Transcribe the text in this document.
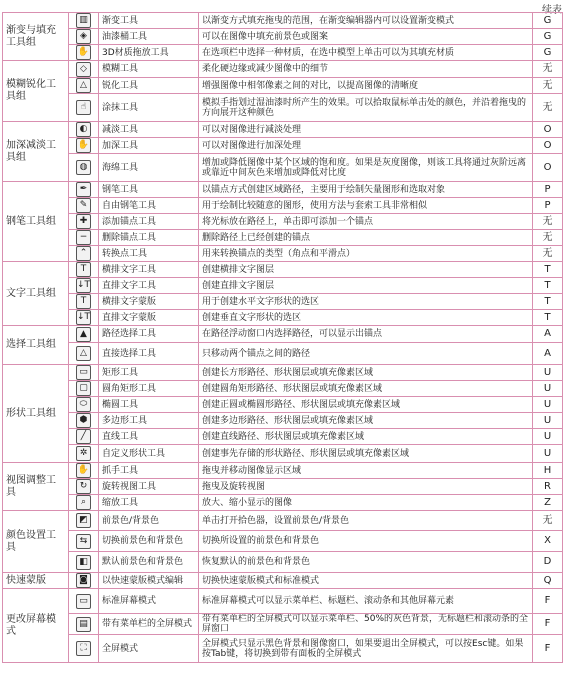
续表
渐变与填充工具组	▥	渐变工具	以渐变方式填充拖曳的范围，在渐变编辑器内可以设置渐变模式	G
	◈	油漆桶工具	可以在图像中填充前景色或图案	G
	✋	3D材质拖放工具	在选项栏中选择一种材质，在选中模型上单击可以为其填充材质	G
模糊锐化工具组	◇	模糊工具	柔化硬边缘或减少图像中的细节	无
	△	锐化工具	增强图像中相邻像素之间的对比，以提高图像的清晰度	无
	☝	涂抹工具	模拟手指划过湿油漆时所产生的效果。可以拾取鼠标单击处的颜色，并沿着拖曳的方向展开这种颜色	无
加深减淡工具组	◐	减淡工具	可以对图像进行减淡处理	O
	✋	加深工具	可以对图像进行加深处理	O
	◍	海绵工具	增加或降低图像中某个区域的饱和度。如果是灰度图像，则该工具将通过灰阶远离或靠近中间灰色来增加或降低对比度	O
钢笔工具组	✒	钢笔工具	以锚点方式创建区域路径，主要用于绘制矢量图形和选取对象	P
	✎	自由钢笔工具	用于绘制比较随意的图形，使用方法与套索工具非常相似	P
	✚	添加锚点工具	将光标放在路径上，单击即可添加一个锚点	无
	−	删除锚点工具	删除路径上已经创建的锚点	无
	⌃	转换点工具	用来转换锚点的类型（角点和平滑点）	无
文字工具组	T	横排文字工具	创建横排文字图层	T
	↓T	直排文字工具	创建直排文字图层	T
	T	横排文字蒙版	用于创建水平文字形状的选区	T
	↓T	直排文字蒙版	创建垂直文字形状的选区	T
选择工具组	▲	路径选择工具	在路径浮动窗口内选择路径，可以显示出锚点	A
	△	直接选择工具	只移动两个锚点之间的路径	A
形状工具组	▭	矩形工具	创建长方形路径、形状图层或填充像素区域	U
	▢	圆角矩形工具	创建圆角矩形路径、形状图层或填充像素区域	U
	⬭	椭圆工具	创建正圆或椭圆形路径、形状图层或填充像素区域	U
	⬢	多边形工具	创建多边形路径、形状图层或填充像素区域	U
	╱	直线工具	创建直线路径、形状图层或填充像素区域	U
	✲	自定义形状工具	创建事先存储的形状路径、形状图层或填充像素区域	U
视图调整工具	✋	抓手工具	拖曳并移动图像显示区域	H
	↻	旋转视图工具	拖曳及旋转视图	R
	⌕	缩放工具	放大、缩小显示的图像	Z
颜色设置工具	◩	前景色/背景色	单击打开拾色器，设置前景色/背景色	无
	⇆	切换前景色和背景色	切换所设置的前景色和背景色	X
	◧	默认前景色和背景色	恢复默认的前景色和背景色	D
快速蒙版	◙	以快速蒙版模式编辑	切换快速蒙版模式和标准模式	Q
更改屏幕模式	▭	标准屏幕模式	标准屏幕模式可以显示菜单栏、标题栏、滚动条和其他屏幕元素	F
	▤	带有菜单栏的全屏模式	带有菜单栏的全屏模式可以显示菜单栏、50%的灰色背景，无标题栏和滚动条的全屏窗口	F
	⛶	全屏模式	全屏模式只显示黑色背景和图像窗口，如果要退出全屏模式，可以按Esc键。如果按Tab键，将切换到带有面板的全屏模式	F
